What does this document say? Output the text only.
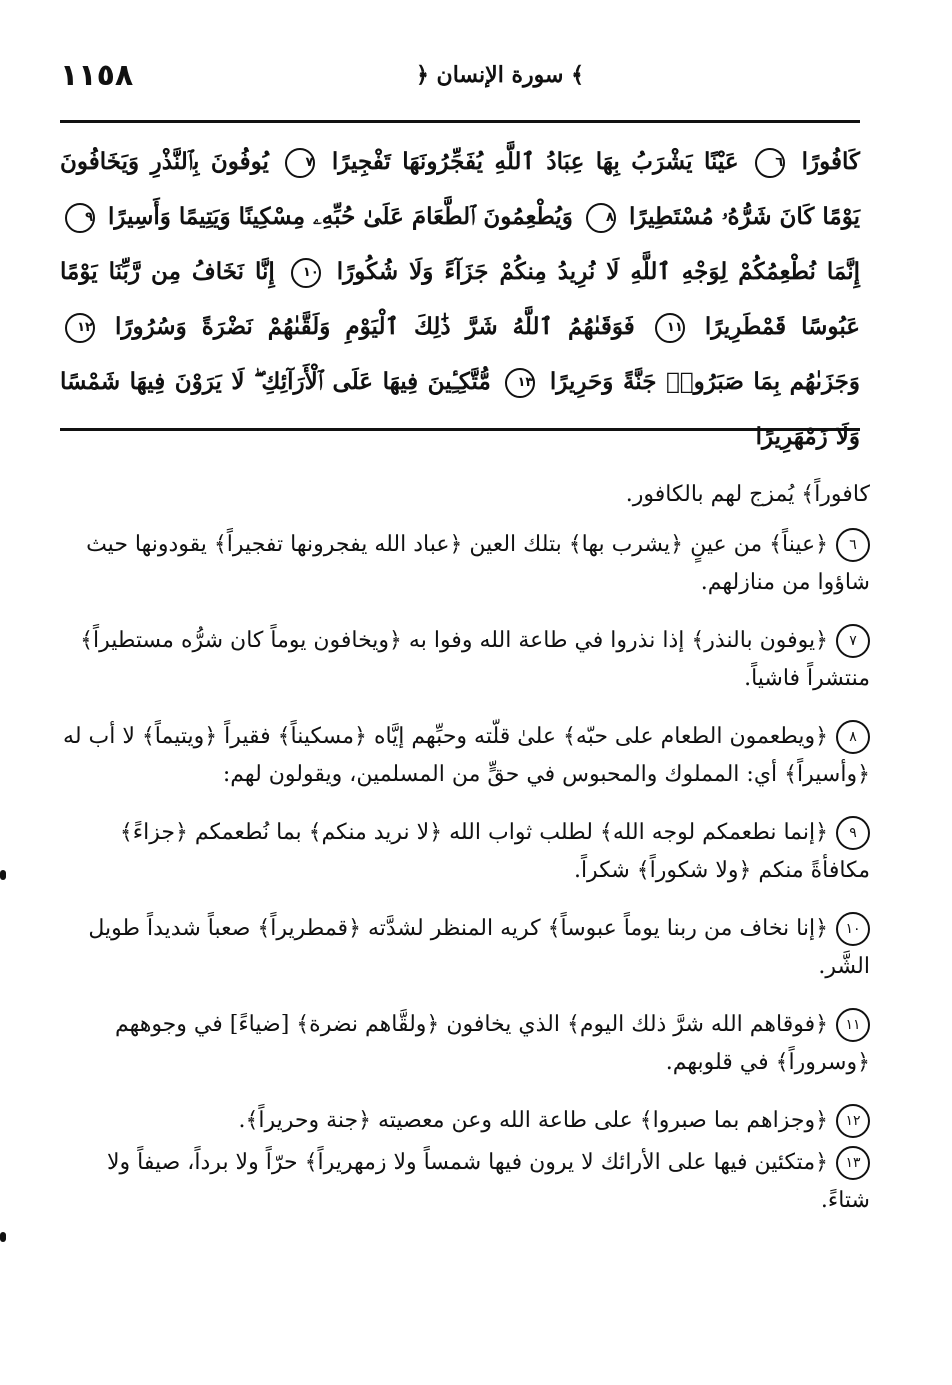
١١٥٨	﴿ سورة الإنسان ﴾
كَافُورًا ٦ عَيْنًا يَشْرَبُ بِهَا عِبَادُ ٱللَّهِ يُفَجِّرُونَهَا تَفْجِيرًا ٧ يُوفُونَ بِٱلنَّذْرِ وَيَخَافُونَ يَوْمًا كَانَ شَرُّهُۥ مُسْتَطِيرًا ٨ وَيُطْعِمُونَ ٱلطَّعَامَ عَلَىٰ حُبِّهِۦ مِسْكِينًا وَيَتِيمًا وَأَسِيرًا ٩ إِنَّمَا نُطْعِمُكُمْ لِوَجْهِ ٱللَّهِ لَا نُرِيدُ مِنكُمْ جَزَآءً وَلَا شُكُورًا ١٠ إِنَّا نَخَافُ مِن رَّبِّنَا يَوْمًا عَبُوسًا قَمْطَرِيرًا ١١ فَوَقَىٰهُمُ ٱللَّهُ شَرَّ ذَٰلِكَ ٱلْيَوْمِ وَلَقَّىٰهُمْ نَضْرَةً وَسُرُورًا ١٢ وَجَزَىٰهُم بِمَا صَبَرُوا۟ جَنَّةً وَحَرِيرًا ١٣ مُّتَّكِـِٔينَ فِيهَا عَلَى ٱلْأَرَآئِكِ ۖ لَا يَرَوْنَ فِيهَا شَمْسًا وَلَا زَمْهَرِيرًا

كافوراً﴾ يُمزج لهم بالكافور.

٦﴿عيناً﴾ من عينٍ ﴿يشرب بها﴾ بتلك العين ﴿عباد الله يفجرونها تفجيراً﴾ يقودونها حيث شاؤوا من منازلهم.

٧﴿يوفون بالنذر﴾ إذا نذروا في طاعة الله وفوا به ﴿ويخافون يوماً كان شرُّه مستطيراً﴾ منتشراً فاشياً.

٨﴿ويطعمون الطعام على حبّه﴾ علىٰ قلّته وحبِّهم إيَّاه ﴿مسكيناً﴾ فقيراً ﴿ويتيماً﴾ لا أب له ﴿وأسيراً﴾ أي: المملوك والمحبوس في حقٍّ من المسلمين، ويقولون لهم:

٩﴿إنما نطعمكم لوجه الله﴾ لطلب ثواب الله ﴿لا نريد منكم﴾ بما نُطعمكم ﴿جزاءً﴾ مكافأةً منكم ﴿ولا شكوراً﴾ شكراً.

١٠﴿إنا نخاف من ربنا يوماً عبوساً﴾ كريه المنظر لشدَّته ﴿قمطريراً﴾ صعباً شديداً طويل الشَّر.

١١﴿فوقاهم الله شرَّ ذلك اليوم﴾ الذي يخافون ﴿ولقَّاهم نضرة﴾ [ضياءً] في وجوههم ﴿وسروراً﴾ في قلوبهم.

١٢﴿وجزاهم بما صبروا﴾ على طاعة الله وعن معصيته ﴿جنة وحريراً﴾.

١٣﴿متكئين فيها على الأرائك لا يرون فيها شمساً ولا زمهريراً﴾ حرّاً ولا برداً، صيفاً ولا شتاءً.
